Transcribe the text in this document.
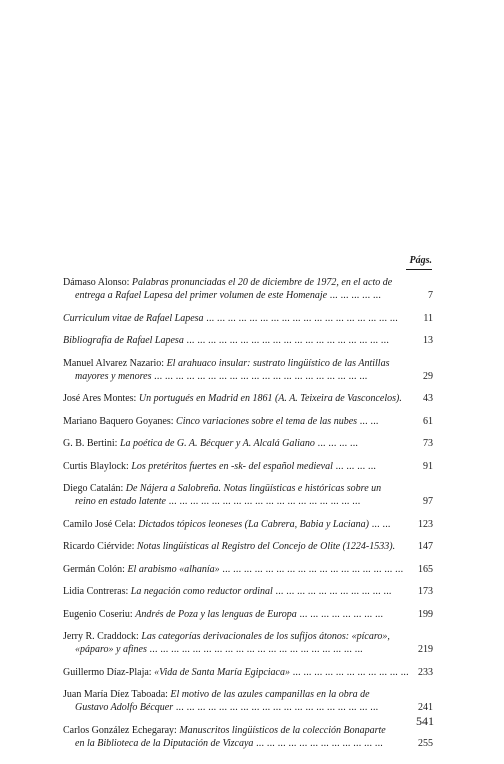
Págs.
Dámaso Alonso: Palabras pronunciadas el 20 de diciembre de 1972, en el acto de
entrega a Rafael Lapesa del primer volumen de este Homenaje ... ... ... ... ...	7
Curriculum vitae de Rafael Lapesa ... ... ... ... ... ... ... ... ... ... ... ... ... ... ... ... ... ...	11
Bibliografía de Rafael Lapesa ... ... ... ... ... ... ... ... ... ... ... ... ... ... ... ... ... ... ...	13
Manuel Alvarez Nazario: El arahuaco insular: sustrato lingüístico de las Antillas
mayores y menores ... ... ... ... ... ... ... ... ... ... ... ... ... ... ... ... ... ... ... ...	29
José Ares Montes: Un portugués en Madrid en 1861 (A. A. Teixeira de Vasconcelos).	43
Mariano Baquero Goyanes: Cinco variaciones sobre el tema de las nubes ... ...	61
G. B. Bertini: La poética de G. A. Bécquer y A. Alcalá Galiano ... ... ... ...	73
Curtis Blaylock: Los pretéritos fuertes en -sk- del español medieval ... ... ... ...	91
Diego Catalán: De Nájera a Salobreña. Notas lingüísticas e históricas sobre un
reino en estado latente ... ... ... ... ... ... ... ... ... ... ... ... ... ... ... ... ... ...	97
Camilo José Cela: Dictados tópicos leoneses (La Cabrera, Babia y Laciana) ... ...	123
Ricardo Ciérvide: Notas lingüísticas al Registro del Concejo de Olite (1224-1533).	147
Germán Colón: El arabismo «alhanía» ... ... ... ... ... ... ... ... ... ... ... ... ... ... ... ... ...	165
Lidia Contreras: La negación como reductor ordinal ... ... ... ... ... ... ... ... ... ... ...	173
Eugenio Coseriu: Andrés de Poza y las lenguas de Europa ... ... ... ... ... ... ... ...	199
Jerry R. Craddock: Las categorías derivacionales de los sufijos átonos: «pícaro»,
«páparo» y afines ... ... ... ... ... ... ... ... ... ... ... ... ... ... ... ... ... ... ... ...	219
Guillermo Díaz-Plaja: «Vida de Santa María Egipciaca» ... ... ... ... ... ... ... ... ... ... ... 233
Juan María Díez Taboada: El motivo de las azules campanillas en la obra de
Gustavo Adolfo Bécquer ... ... ... ... ... ... ... ... ... ... ... ... ... ... ... ... ... ... ...	241
Carlos González Echegaray: Manuscritos lingüísticos de la colección Bonaparte
en la Biblioteca de la Diputación de Vizcaya ... ... ... ... ... ... ... ... ... ... ... ...	255
541
